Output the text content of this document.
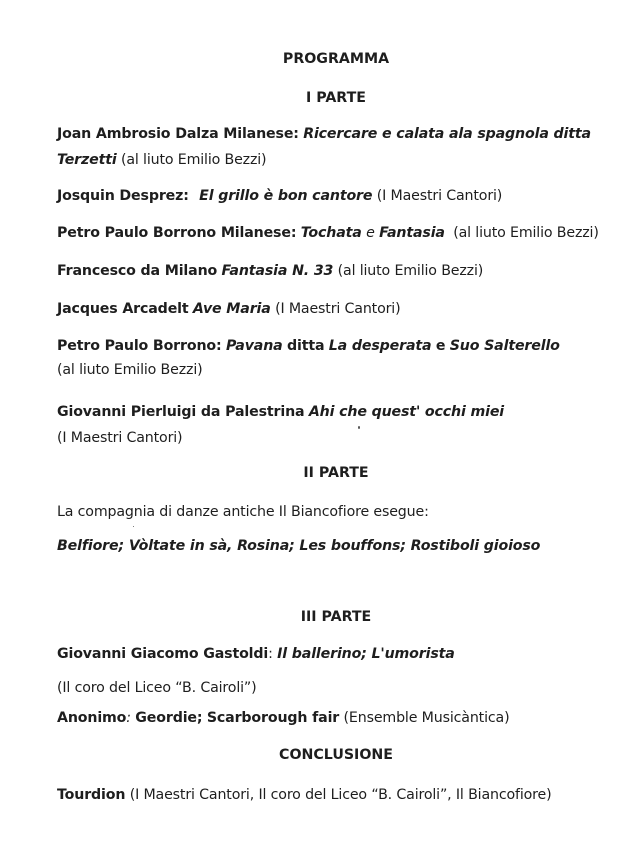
PROGRAMMA
I PARTE
Joan Ambrosio Dalza Milanese: Ricercare e calata ala spagnola ditta
Terzetti (al liuto Emilio Bezzi)
Josquin Desprez: El grillo è bon cantore (I Maestri Cantori)
Petro Paulo Borrono Milanese: Tochata e Fantasia (al liuto Emilio Bezzi)
Francesco da Milano Fantasia N. 33 (al liuto Emilio Bezzi)
Jacques Arcadelt Ave Maria (I Maestri Cantori)
Petro Paulo Borrono: Pavana ditta La desperata e Suo Salterello
(al liuto Emilio Bezzi)
Giovanni Pierluigi da Palestrina Ahi che quest' occhi miei
(I Maestri Cantori)
II PARTE
La compagnia di danze antiche Il Biancofiore esegue:
Belfiore; Vòltate in sà, Rosina; Les bouffons; Rostiboli gioioso
III PARTE
Giovanni Giacomo Gastoldi: Il ballerino; L'umorista
(Il coro del Liceo “B. Cairoli”)
Anonimo: Geordie; Scarborough fair (Ensemble Musicàntica)
CONCLUSIONE
Tourdion (I Maestri Cantori, Il coro del Liceo “B. Cairoli”, Il Biancofiore)
